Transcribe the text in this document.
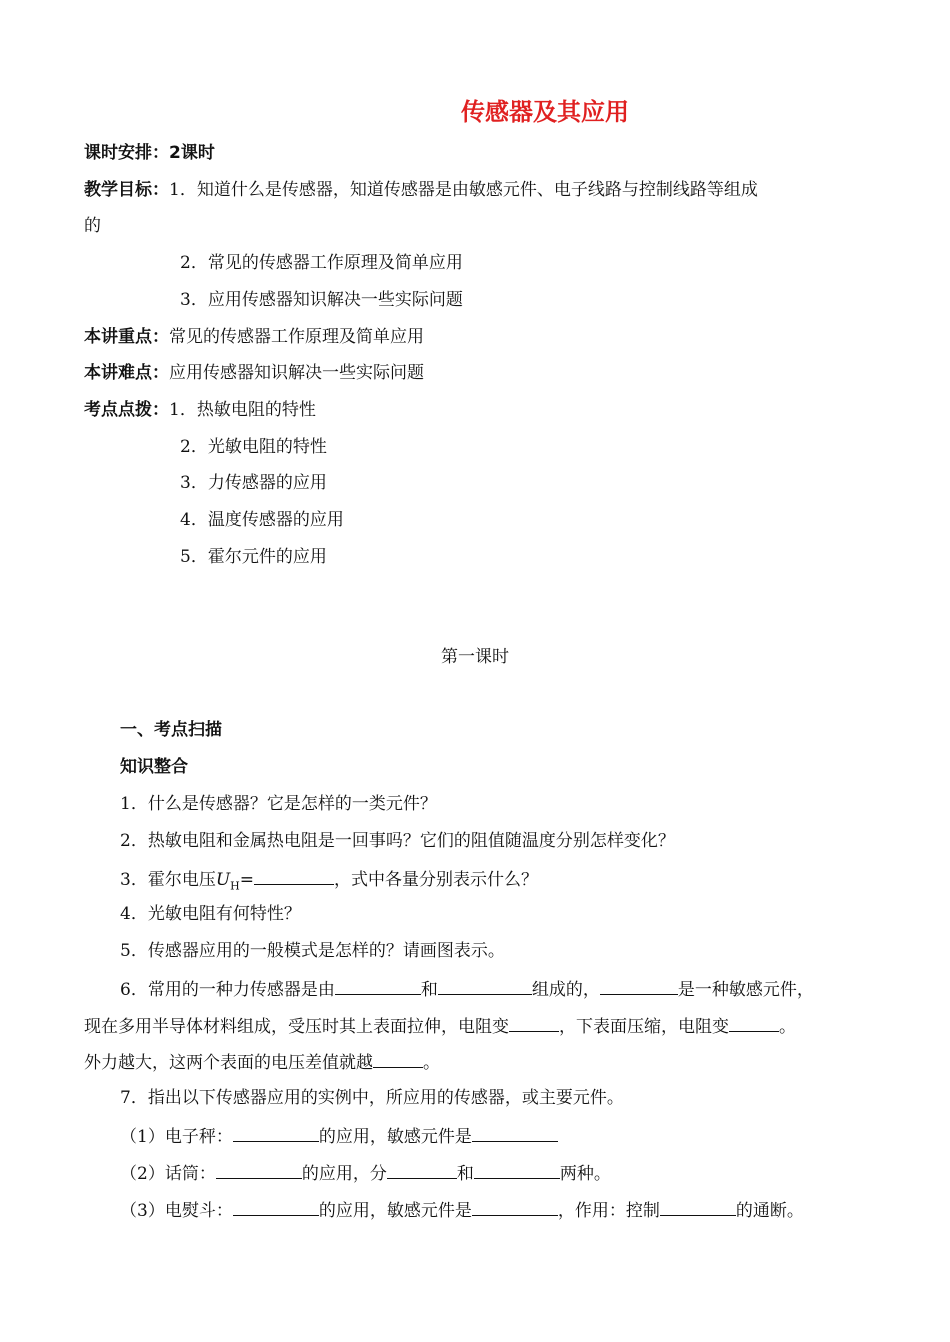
传感器及其应用
课时安排：2课时
教学目标：1．知道什么是传感器，知道传感器是由敏感元件、电子线路与控制线路等组成
的
2．常见的传感器工作原理及简单应用
3．应用传感器知识解决一些实际问题
本讲重点：常见的传感器工作原理及简单应用
本讲难点：应用传感器知识解决一些实际问题
考点点拨：1．热敏电阻的特性
2．光敏电阻的特性
3．力传感器的应用
4．温度传感器的应用
5．霍尔元件的应用
第一课时
一、考点扫描
知识整合
1．什么是传感器？它是怎样的一类元件？
2．热敏电阻和金属热电阻是一回事吗？它们的阻值随温度分别怎样变化？
3．霍尔电压$U_H=$	，式中各量分别表示什么？
4．光敏电阻有何特性？
5．传感器应用的一般模式是怎样的？请画图表示。
6．常用的一种力传感器是由	和	组成的，	是一种敏感元件，
现在多用半导体材料组成，受压时其上表面拉伸，电阻变	，下表面压缩，电阻变	。
外力越大，这两个表面的电压差值就越	。
7．指出以下传感器应用的实例中，所应用的传感器，或主要元件。
（1）电子秤：	的应用，敏感元件是
（2）话筒：	的应用，分	和	两种。
（3）电熨斗：	的应用，敏感元件是	，作用：控制	的通断。
